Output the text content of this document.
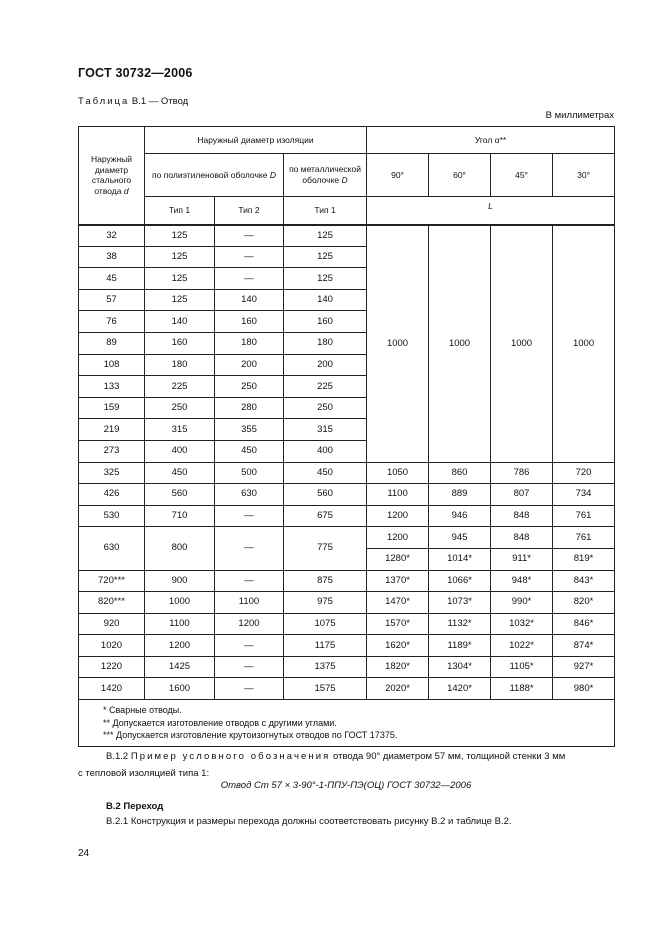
ГОСТ 30732—2006
Таблица В.1 — Отвод
В миллиметрах
Наружный диаметр стального отвода d	Наружный диаметр изоляции			Угол α**			
	по полиэтиленовой оболочке D		по металлической оболочке D	90°	60°	45°	30°
	Тип 1	Тип 2	Тип 1	L			
32	125	—	125	1000	1000	1000	1000
38	125	—	125				
45	125	—	125				
57	125	140	140				
76	140	160	160				
89	160	180	180				
108	180	200	200				
133	225	250	225				
159	250	280	250				
219	315	355	315				
273	400	450	400				
325	450	500	450	1050	860	786	720
426	560	630	560	1100	889	807	734
530	710	—	675	1200	946	848	761
630	800	—	775	1200	945	848	761
				1280*	1014*	911*	819*
720***	900	—	875	1370*	1066*	948*	843*
820***	1000	1100	975	1470*	1073*	990*	820*
920	1100	1200	1075	1570*	1132*	1032*	846*
1020	1200	—	1175	1620*	1189*	1022*	874*
1220	1425	—	1375	1820*	1304*	1105*	927*
1420	1600	—	1575	2020*	1420*	1188*	980*

* Сварные отводы.
** Допускается изготовление отводов с другими углами.
*** Допускается изготовление крутоизогнутых отводов по ГОСТ 17375.							
В.1.2 Пример условного обозначения отвода 90° диаметром 57 мм, толщиной стенки 3 мм
с тепловой изоляцией типа 1:
Отвод Ст 57 × 3-90°-1-ППУ-ПЭ(ОЦ) ГОСТ 30732—2006
В.2 Переход
В.2.1 Конструкция и размеры перехода должны соответствовать рисунку В.2 и таблице В.2.
24
